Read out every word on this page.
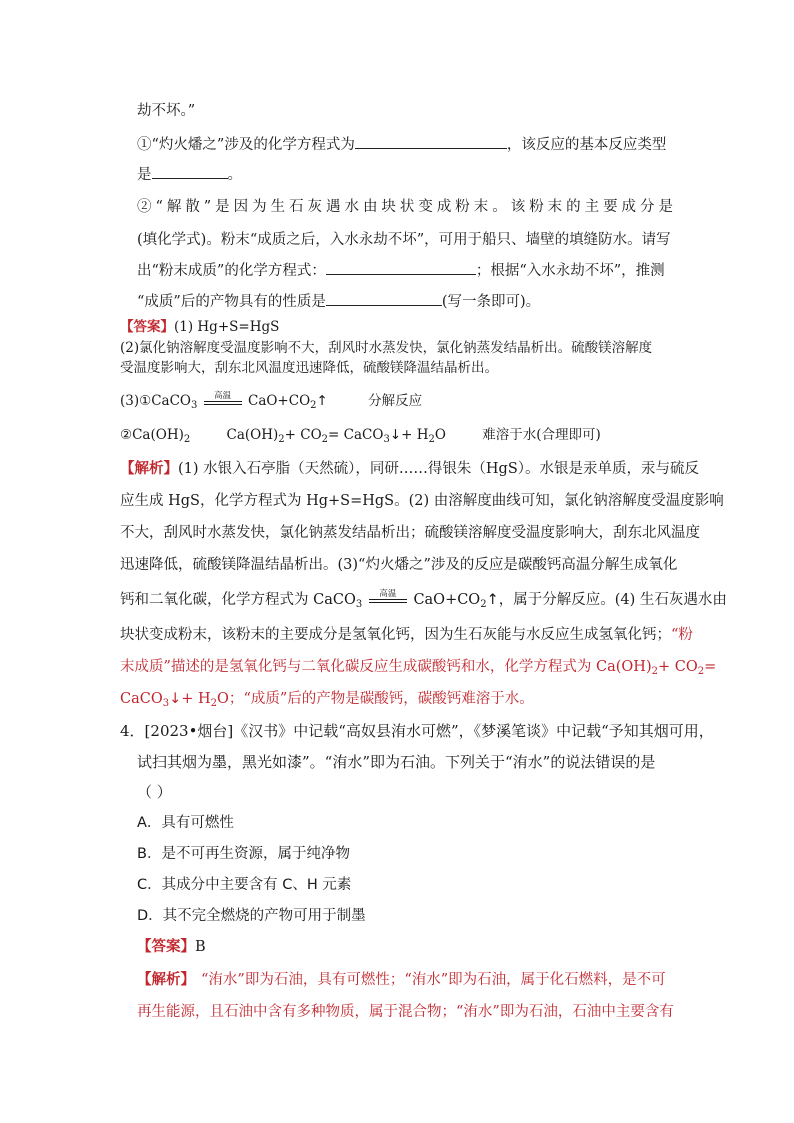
劫不坏。”
①“灼火燔之”涉及的化学方程式为	，该反应的基本反应类型
是	。
②“解散”是因为生石灰遇水由块状变成粉末。该粉末的主要成分是
(填化学式)。粉末“成质之后，入水永劫不坏”，可用于船只、墙壁的填缝防水。请写
出“粉末成质”的化学方程式：	；根据“入水永劫不坏”，推测
“成质”后的产物具有的性质是	(写一条即可)。
【答案】(1) Hg+S=HgS
(2)氯化钠溶解度受温度影响不大，刮风时水蒸发快，氯化钠蒸发结晶析出。硫酸镁溶解度
受温度影响大，刮东北风温度迅速降低，硫酸镁降温结晶析出。
(3)①CaCO$_3$
高温 $CaO+CO_2↑$	分解反应
$②Ca(OH)_2$	$Ca(OH)_2+ CO_2=$ CaCO$_3$↓+ $H_2O$	难溶于水(合理即可)
【解析】(1) 水银入石亭脂（天然硫），同研……得银朱（HgS）。水银是汞单质，汞与硫反
应生成 HgS，化学方程式为 Hg+S=HgS。(2) 由溶解度曲线可知，氯化钠溶解度受温度影响
不大，刮风时水蒸发快，氯化钠蒸发结晶析出；硫酸镁溶解度受温度影响大，刮东北风温度
迅速降低，硫酸镁降温结晶析出。(3)“灼火燔之”涉及的反应是碳酸钙高温分解生成氧化
钙和二氧化碳，化学方程式为 CaCO$_3$
高温 $CaO+CO_2↑$，属于分解反应。(4) 生石灰遇水由
块状变成粉末，该粉末的主要成分是氢氧化钙，因为生石灰能与水反应生成氢氧化钙；“粉
末成质”描述的是氢氧化钙与二氧化碳反应生成碳酸钙和水，化学方程式为 $Ca(OH)_2+ CO_2=$
CaCO$_3$↓+ $H_2O$；“成质”后的产物是碳酸钙，碳酸钙难溶于水。
4．[2023•烟台]《汉书》中记载“高奴县洧水可燃”，《梦溪笔谈》中记载“予知其烟可用，
试扫其烟为墨，黑光如漆”。“洧水”即为石油。下列关于“洧水”的说法错误的是
（ ）
A．具有可燃性
B．是不可再生资源，属于纯净物
C．其成分中主要含有 C、H 元素
D．其不完全燃烧的产物可用于制墨
【答案】B
【解析】 “洧水”即为石油，具有可燃性；“洧水”即为石油，属于化石燃料，是不可
再生能源，且石油中含有多种物质，属于混合物；“洧水”即为石油，石油中主要含有
